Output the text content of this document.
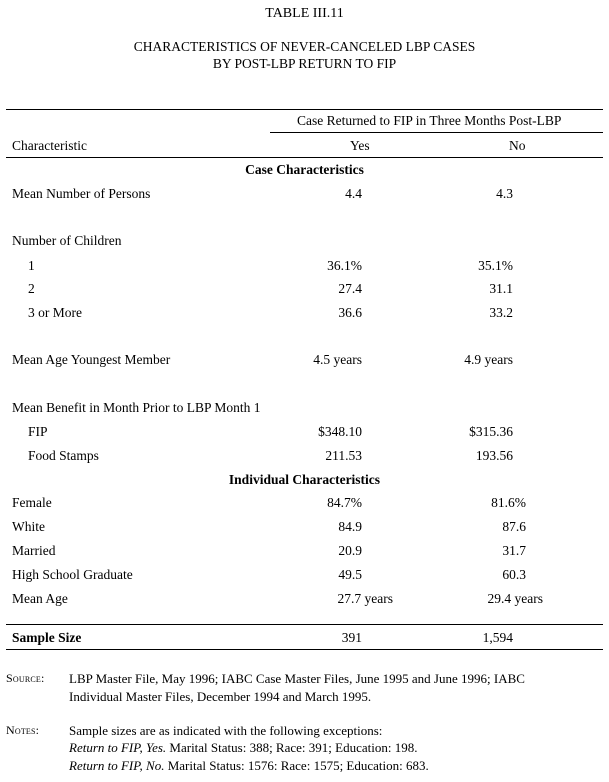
TABLE III.11
CHARACTERISTICS OF NEVER-CANCELED LBP CASES
BY POST-LBP RETURN TO FIP
Case Returned to FIP in Three Months Post-LBP
Characteristic	Yes	No
Case Characteristics
Mean Number of Persons	4.4	4.3
Number of Children
1	36.1%	35.1%
2	27.4	31.1
3 or More	36.6	33.2
Mean Age Youngest Member	4.5 years	4.9 years
Mean Benefit in Month Prior to LBP Month 1
FIP	$348.10	$315.36
Food Stamps	211.53	193.56
Individual Characteristics
Female	84.7%	81.6%
White	84.9	87.6
Married	20.9	31.7
High School Graduate	49.5	60.3
Mean Age	27.7 years	29.4 years
Sample Size	391	1,594
Source: LBP Master File, May 1996; IABC Case Master Files, June 1995 and June 1996; IABC
Individual Master Files, December 1994 and March 1995.
Notes: Sample sizes are as indicated with the following exceptions:
Return to FIP, Yes. Marital Status: 388; Race: 391; Education: 198.
Return to FIP, No. Marital Status: 1576: Race: 1575; Education: 683.
